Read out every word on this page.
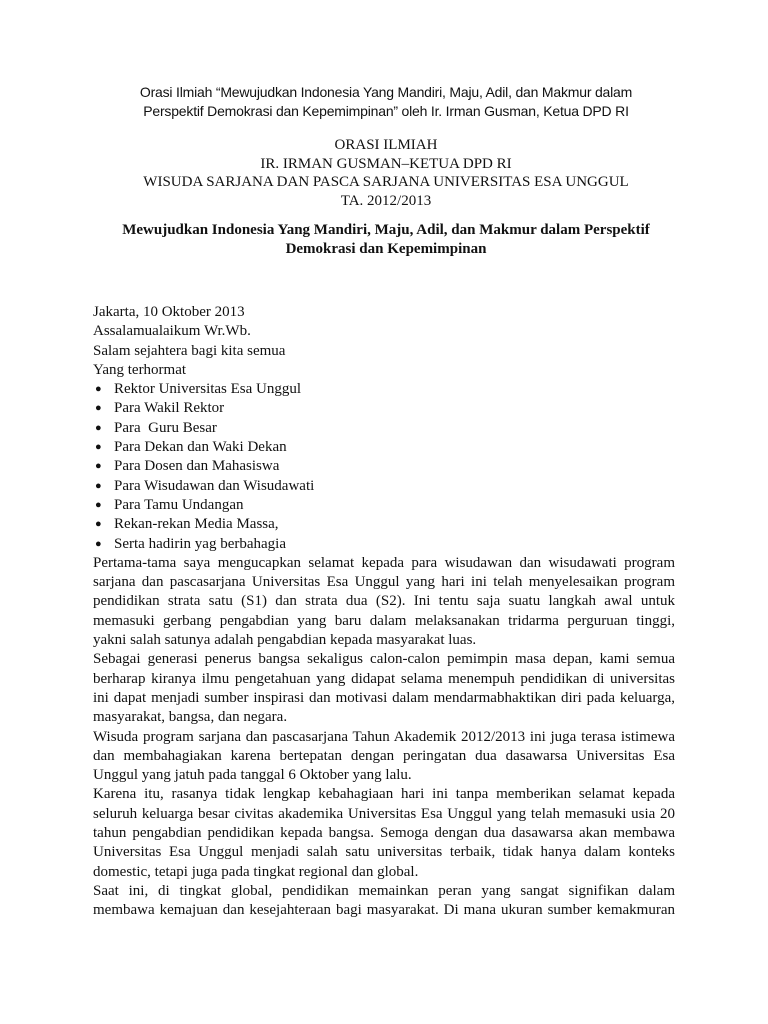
Orasi Ilmiah “Mewujudkan Indonesia Yang Mandiri, Maju, Adil, dan Makmur dalam
Perspektif Demokrasi dan Kepemimpinan” oleh Ir. Irman Gusman, Ketua DPD RI
ORASI ILMIAH
IR. IRMAN GUSMAN–KETUA DPD RI
WISUDA SARJANA DAN PASCA SARJANA UNIVERSITAS ESA UNGGUL
TA. 2012/2013
Mewujudkan Indonesia Yang Mandiri, Maju, Adil, dan Makmur dalam Perspektif
Demokrasi dan Kepemimpinan
Jakarta, 10 Oktober 2013
Assalamualaikum Wr.Wb.
Salam sejahtera bagi kita semua
Yang terhormat
● Rektor Universitas Esa Unggul
● Para Wakil Rektor
● Para  Guru Besar
● Para Dekan dan Waki Dekan
● Para Dosen dan Mahasiswa
● Para Wisudawan dan Wisudawati
● Para Tamu Undangan
● Rekan-rekan Media Massa,
● Serta hadirin yag berbahagia
Pertama-tama saya mengucapkan selamat kepada para wisudawan dan wisudawati program
sarjana dan pascasarjana Universitas Esa Unggul yang hari ini telah menyelesaikan program
pendidikan strata satu (S1) dan strata dua (S2). Ini tentu saja suatu langkah awal untuk
memasuki gerbang pengabdian yang baru dalam melaksanakan tridarma perguruan tinggi,
yakni salah satunya adalah pengabdian kepada masyarakat luas.
Sebagai generasi penerus bangsa sekaligus calon-calon pemimpin masa depan, kami semua
berharap kiranya ilmu pengetahuan yang didapat selama menempuh pendidikan di universitas
ini dapat menjadi sumber inspirasi dan motivasi dalam mendarmabhaktikan diri pada keluarga,
masyarakat, bangsa, dan negara.
Wisuda program sarjana dan pascasarjana Tahun Akademik 2012/2013 ini juga terasa istimewa
dan membahagiakan karena bertepatan dengan peringatan dua dasawarsa Universitas Esa
Unggul yang jatuh pada tanggal 6 Oktober yang lalu.
Karena itu, rasanya tidak lengkap kebahagiaan hari ini tanpa memberikan selamat kepada
seluruh keluarga besar civitas akademika Universitas Esa Unggul yang telah memasuki usia 20
tahun pengabdian pendidikan kepada bangsa. Semoga dengan dua dasawarsa akan membawa
Universitas Esa Unggul menjadi salah satu universitas terbaik, tidak hanya dalam konteks
domestic, tetapi juga pada tingkat regional dan global.
Saat ini, di tingkat global, pendidikan memainkan peran yang sangat signifikan dalam
membawa kemajuan dan kesejahteraan bagi masyarakat. Di mana ukuran sumber kemakmuran
